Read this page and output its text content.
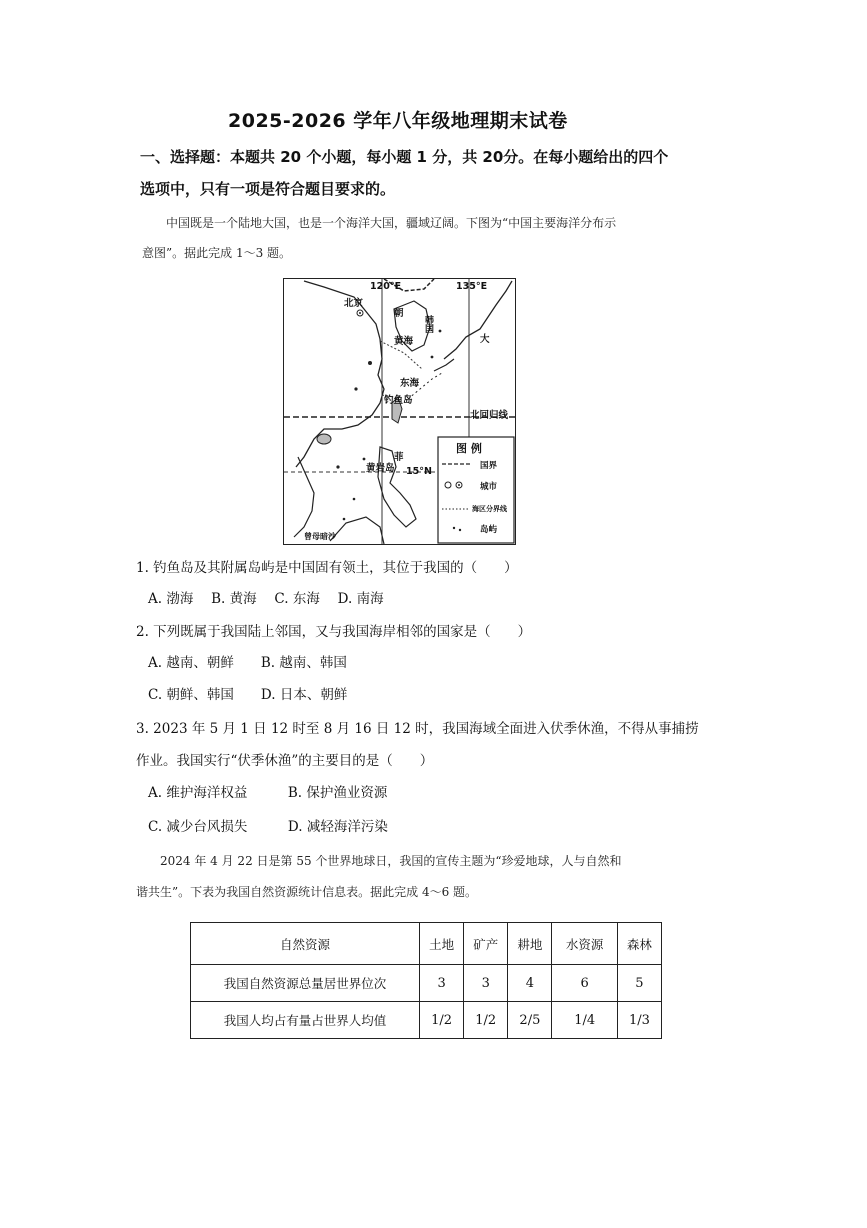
2025-2026 学年八年级地理期末试卷
一、选择题：本题共 20 个小题，每小题 1 分，共 20分。在每小题给出的四个
选项中，只有一项是符合题目要求的。
中国既是一个陆地大国，也是一个海洋大国，疆域辽阔。下图为“中国主要海洋分布示
意图”。据此完成 1～3 题。
120°E	135°E
北京
韩国
黄海
东海
钓鱼岛
北回归线
黄岩岛 15°N
菲
大
朝
曾母暗沙
图 例
国界
城市
海区分界线
岛屿
1. 钓鱼岛及其附属岛屿是中国固有领土，其位于我国的（　　）
A. 渤海　 B. 黄海　 C. 东海　 D. 南海
2. 下列既属于我国陆上邻国，又与我国海岸相邻的国家是（　　）
A. 越南、朝鲜　　B. 越南、韩国
C. 朝鲜、韩国　　D. 日本、朝鲜
3. 2023 年 5 月 1 日 12 时至 8 月 16 日 12 时，我国海域全面进入伏季休渔，不得从事捕捞
作业。我国实行“伏季休渔”的主要目的是（　　）
A. 维护海洋权益　　　B. 保护渔业资源
C. 减少台风损失　　　D. 减轻海洋污染
2024 年 4 月 22 日是第 55 个世界地球日，我国的宣传主题为“珍爱地球，人与自然和
谐共生”。下表为我国自然资源统计信息表。据此完成 4～6 题。
自然资源	土地	矿产	耕地	水资源	森林
我国自然资源总量居世界位次	3	3	4	6	5
我国人均占有量占世界人均值	1/2	1/2	2/5	1/4	1/3
